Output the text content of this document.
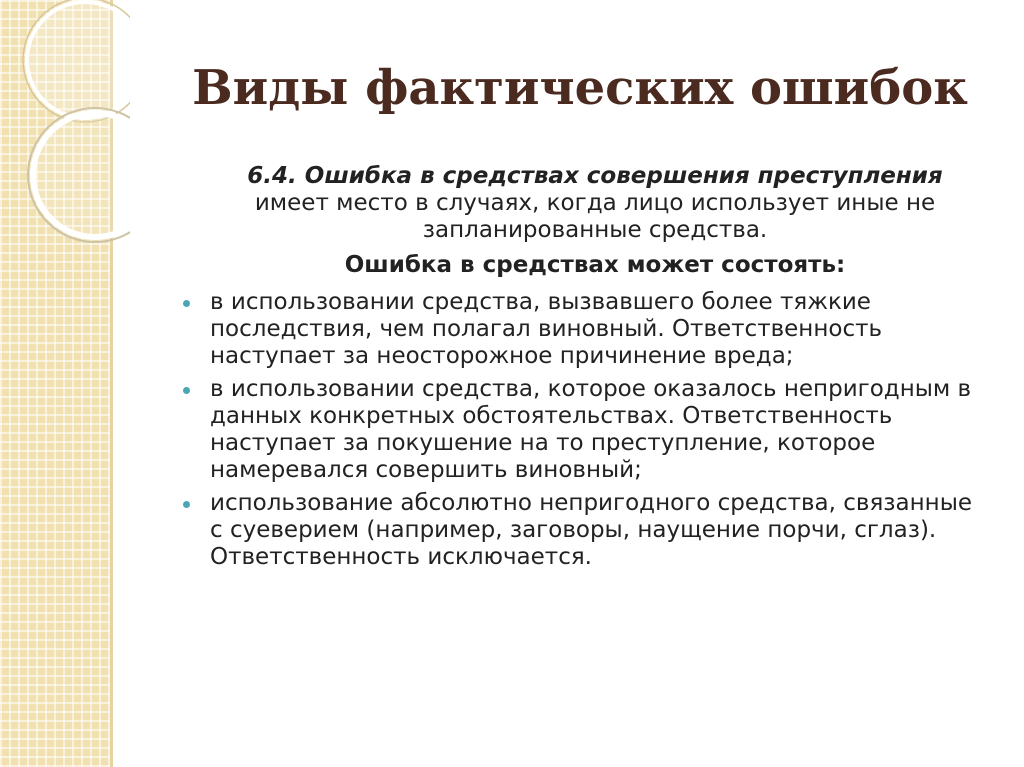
Виды фактических ошибок

6.4. Ошибка в средствах совершения преступления имеет место в случаях, когда лицо использует иные не запланированные средства.

Ошибка в средствах может состоять:

в использовании средства, вызвавшего более тяжкие последствия, чем полагал виновный. Ответственность наступает за неосторожное причинение вреда;
в использовании средства, которое оказалось непригодным в данных конкретных обстоятельствах. Ответственность наступает за покушение на то преступление, которое намеревался совершить виновный;
использование абсолютно непригодного средства, связанные с суеверием (например, заговоры, наущение порчи, сглаз). Ответственность исключается.
